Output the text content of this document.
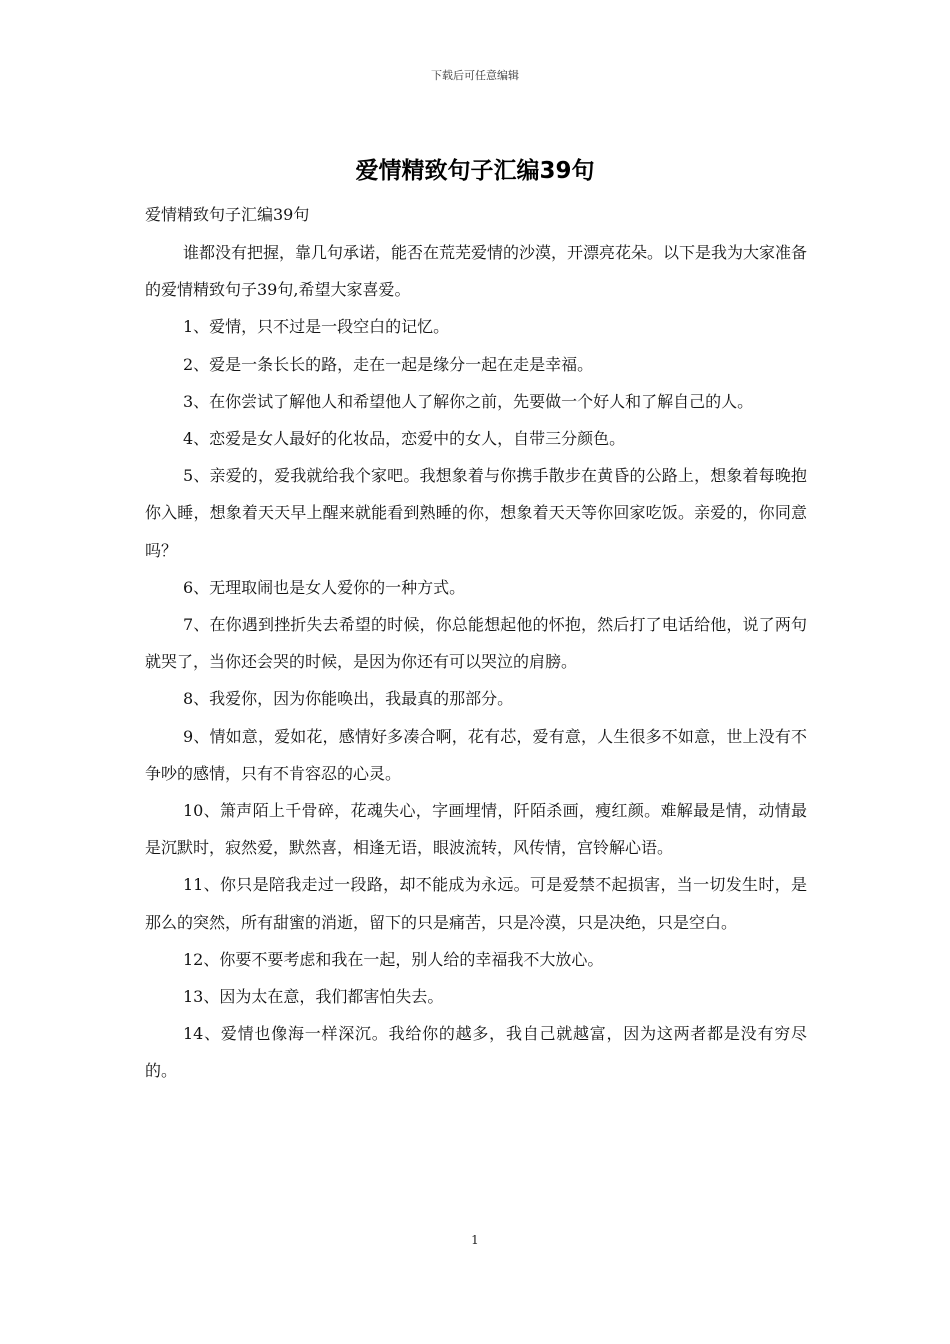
下载后可任意编辑
爱情精致句子汇编39句
爱情精致句子汇编39句

谁都没有把握，靠几句承诺，能否在荒芜爱情的沙漠，开漂亮花朵。以下是我为大家准备的爱情精致句子39句,希望大家喜爱。

1、爱情，只不过是一段空白的记忆。

2、爱是一条长长的路，走在一起是缘分一起在走是幸福。

3、在你尝试了解他人和希望他人了解你之前，先要做一个好人和了解自己的人。

4、恋爱是女人最好的化妆品，恋爱中的女人，自带三分颜色。

5、亲爱的，爱我就给我个家吧。我想象着与你携手散步在黄昏的公路上，想象着每晚抱你入睡，想象着天天早上醒来就能看到熟睡的你，想象着天天等你回家吃饭。亲爱的，你同意吗？

6、无理取闹也是女人爱你的一种方式。

7、在你遇到挫折失去希望的时候，你总能想起他的怀抱，然后打了电话给他，说了两句就哭了，当你还会哭的时候，是因为你还有可以哭泣的肩膀。

8、我爱你，因为你能唤出，我最真的那部分。

9、情如意，爱如花，感情好多凑合啊，花有芯，爱有意，人生很多不如意，世上没有不争吵的感情，只有不肯容忍的心灵。

10、箫声陌上千骨碎，花魂失心，字画埋情，阡陌杀画，瘦红颜。难解最是情，动情最是沉默时，寂然爱，默然喜，相逢无语，眼波流转，风传情，宫铃解心语。

11、你只是陪我走过一段路，却不能成为永远。可是爱禁不起损害，当一切发生时，是那么的突然，所有甜蜜的消逝，留下的只是痛苦，只是冷漠，只是决绝，只是空白。

12、你要不要考虑和我在一起，别人给的幸福我不大放心。

13、因为太在意，我们都害怕失去。

14、爱情也像海一样深沉。我给你的越多，我自己就越富，因为这两者都是没有穷尽的。

1
